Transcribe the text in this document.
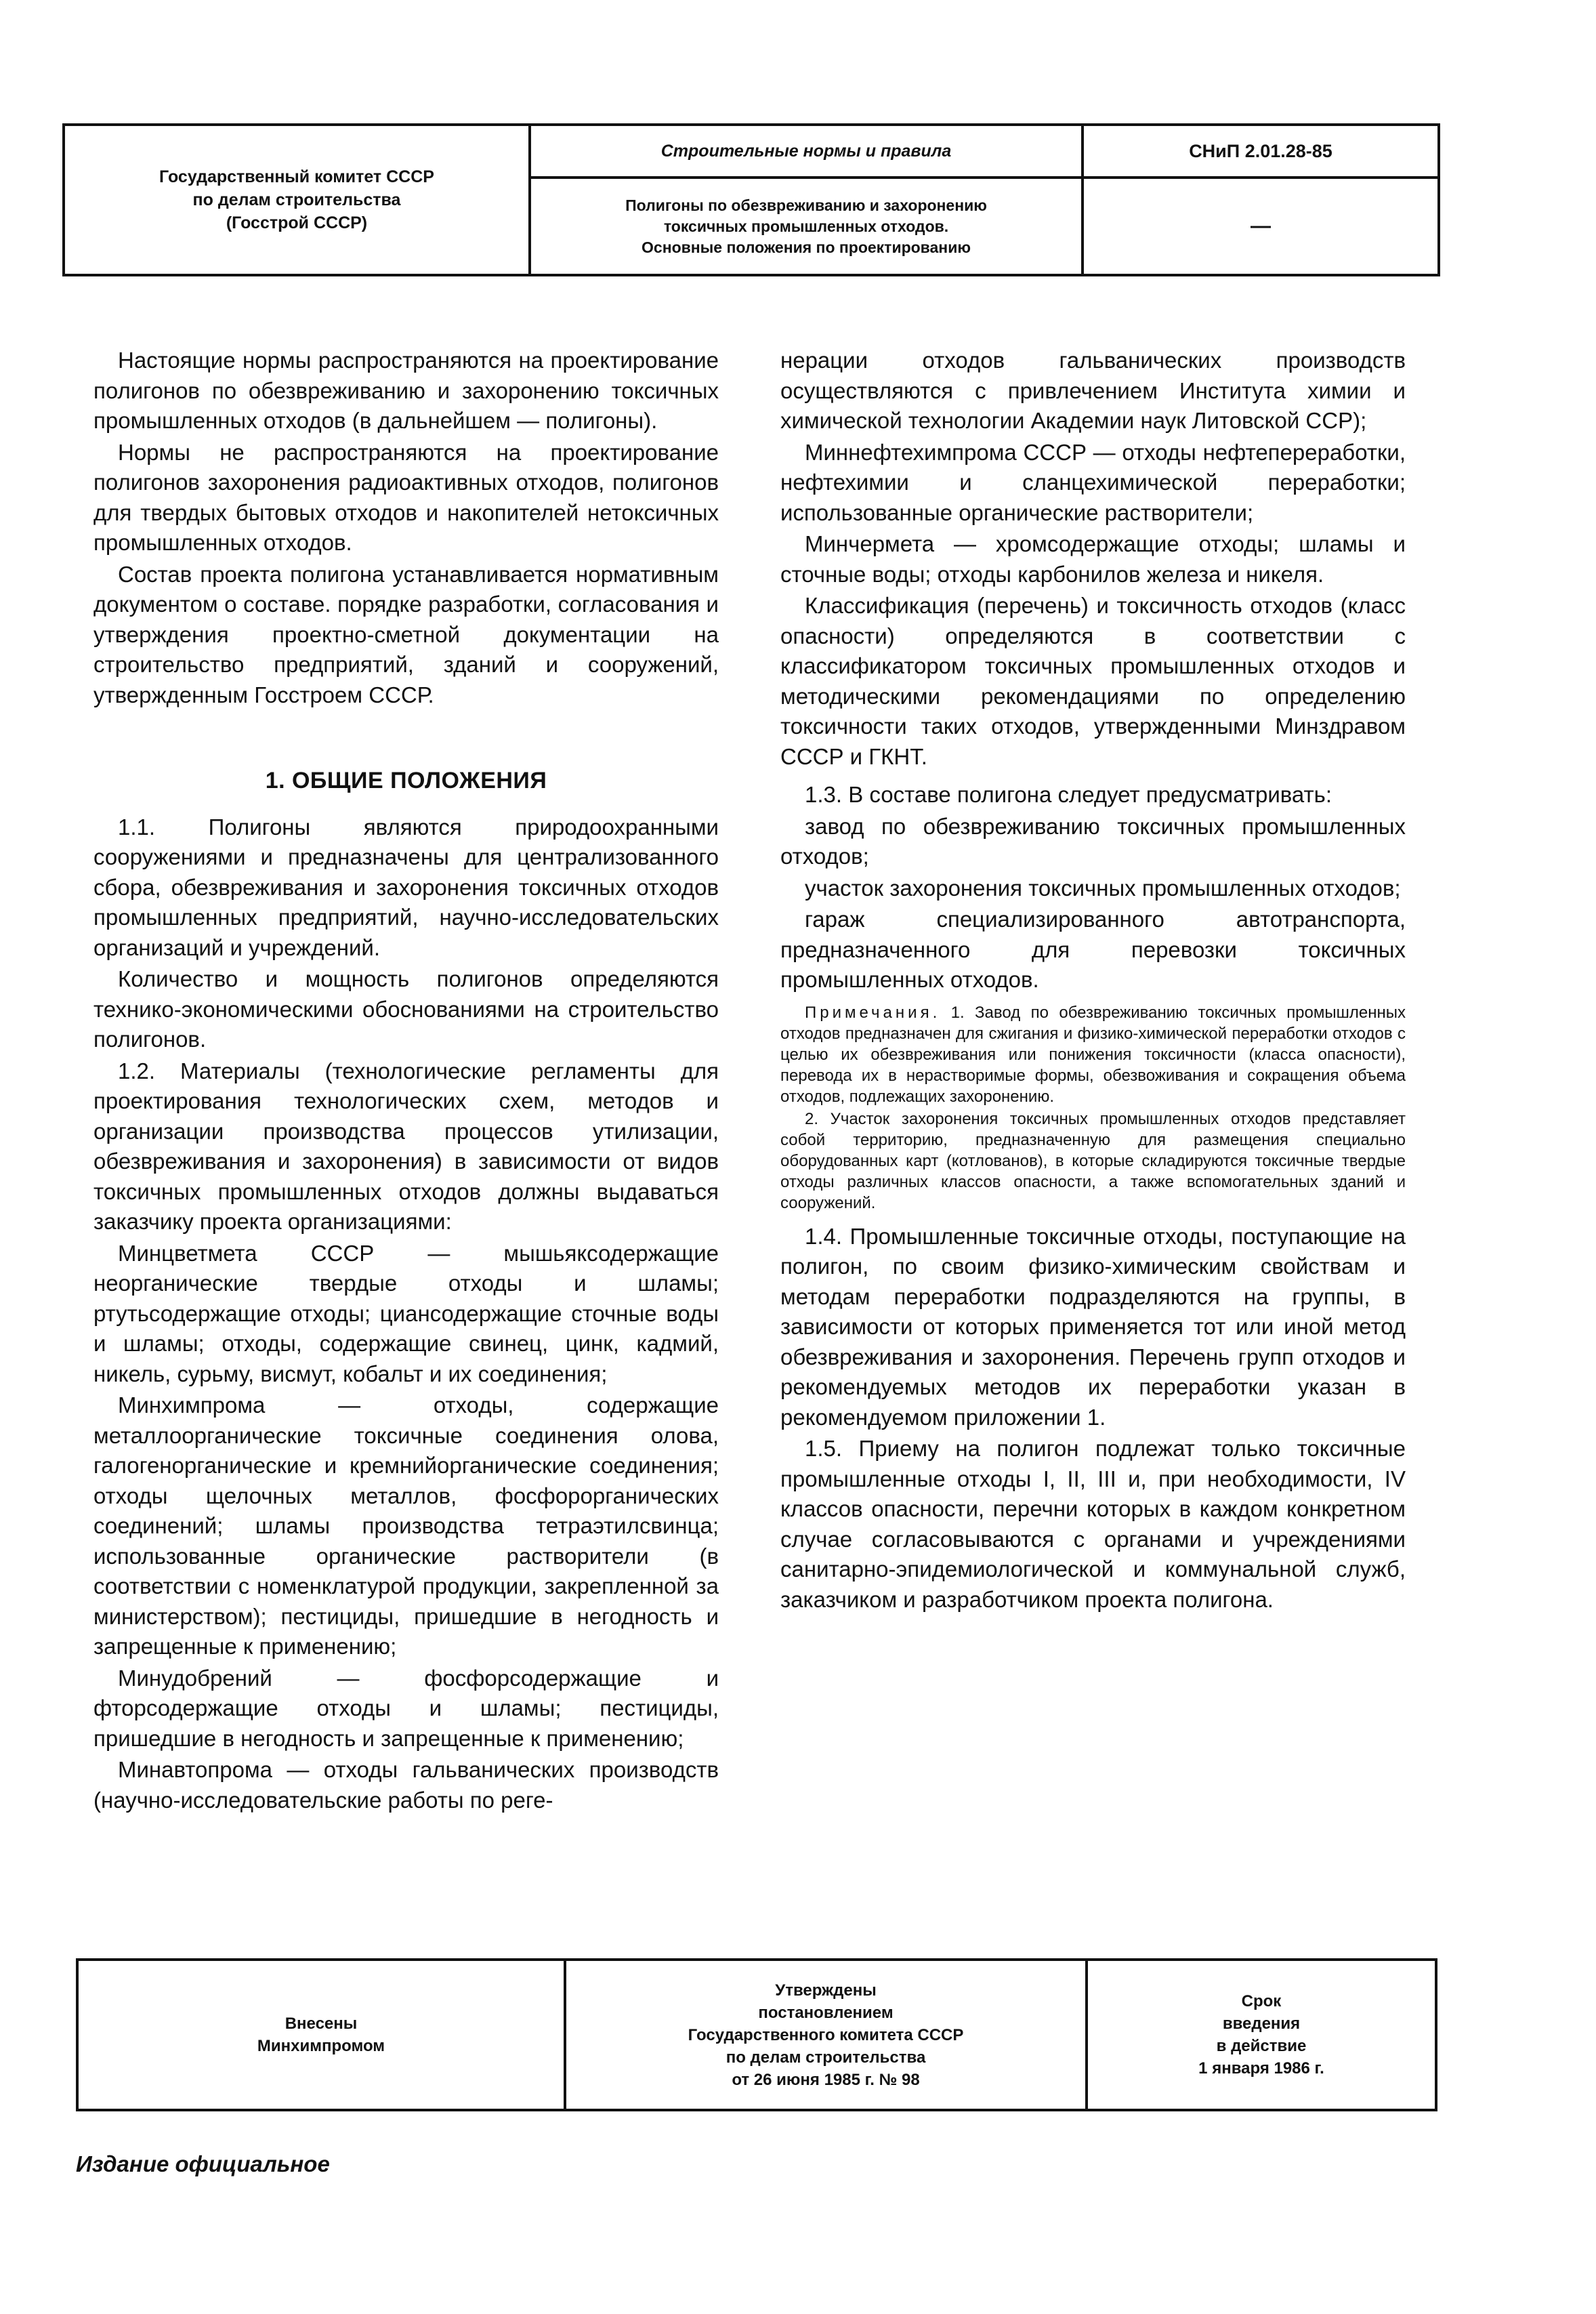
Государственный комитет СССР
по делам строительства
(Госстрой СССР)
Строительные нормы и правила	СНиП 2.01.28-85
Полигоны по обезвреживанию и захоронению
токсичных промышленных отходов.
Основные положения по проектированию
—

Настоящие нормы распространяются на проектирование полигонов по обезвреживанию и захоронению токсичных промышленных отходов (в дальнейшем — полигоны).

Нормы не распространяются на проектирование полигонов захоронения радиоактивных отходов, полигонов для твердых бытовых отходов и накопителей нетоксичных промышленных отходов.

Состав проекта полигона устанавливается нормативным документом о составе. порядке разработки, согласования и утверждения проектно-сметной документации на строительство предприятий, зданий и сооружений, утвержденным Госстроем СССР.

1. ОБЩИЕ ПОЛОЖЕНИЯ

1.1. Полигоны являются природоохранными сооружениями и предназначены для централизованного сбора, обезвреживания и захоронения токсичных отходов промышленных предприятий, научно-исследовательских организаций и учреждений.

Количество и мощность полигонов определяются технико-экономическими обоснованиями на строительство полигонов.

1.2. Материалы (технологические регламенты для проектирования технологических схем, методов и организации производства процессов утилизации, обезвреживания и захоронения) в зависимости от видов токсичных промышленных отходов должны выдаваться заказчику проекта организациями:

Минцветмета СССР — мышьяксодержащие неорганические твердые отходы и шламы; ртутьсодержащие отходы; циансодержащие сточные воды и шламы; отходы, содержащие свинец, цинк, кадмий, никель, сурьму, висмут, кобальт и их соединения;

Минхимпрома — отходы, содержащие металлоорганические токсичные соединения олова, галогенорганические и кремнийорганические соединения; отходы щелочных металлов, фосфорорганических соединений; шламы производства тетраэтилсвинца; использованные органические растворители (в соответствии с номенклатурой продукции, закрепленной за министерством); пестициды, пришедшие в негодность и запрещенные к применению;

Минудобрений — фосфорсодержащие и фторсодержащие отходы и шламы; пестициды, пришедшие в негодность и запрещенные к применению;

Минавтопрома — отходы гальванических производств (научно-исследовательские работы по реге-

нерации отходов гальванических производств осуществляются с привлечением Института химии и химической технологии Академии наук Литовской ССР);

Миннефтехимпрома СССР — отходы нефтепереработки, нефтехимии и сланцехимической переработки; использованные органические растворители;

Минчермета — хромсодержащие отходы; шламы и сточные воды; отходы карбонилов железа и никеля.

Классификация (перечень) и токсичность отходов (класс опасности) определяются в соответствии с классификатором токсичных промышленных отходов и методическими рекомендациями по определению токсичности таких отходов, утвержденными Минздравом СССР и ГКНТ.

1.3. В составе полигона следует предусматривать:

завод по обезвреживанию токсичных промышленных отходов;

участок захоронения токсичных промышленных отходов;

гараж специализированного автотранспорта, предназначенного для перевозки токсичных промышленных отходов.

Примечания. 1. Завод по обезвреживанию токсичных промышленных отходов предназначен для сжигания и физико-химической переработки отходов с целью их обезвреживания или понижения токсичности (класса опасности), перевода их в нерастворимые формы, обезвоживания и сокращения объема отходов, подлежащих захоронению.

2. Участок захоронения токсичных промышленных отходов представляет собой территорию, предназначенную для размещения специально оборудованных карт (котлованов), в которые складируются токсичные твердые отходы различных классов опасности, а также вспомогательных зданий и сооружений.

1.4. Промышленные токсичные отходы, поступающие на полигон, по своим физико-химическим свойствам и методам переработки подразделяются на группы, в зависимости от которых применяется тот или иной метод обезвреживания и захоронения. Перечень групп отходов и рекомендуемых методов их переработки указан в рекомендуемом приложении 1.

1.5. Приему на полигон подлежат только токсичные промышленные отходы I, II, III и, при необходимости, IV классов опасности, перечни которых в каждом конкретном случае согласовываются с органами и учреждениями санитарно-эпидемиологической и коммунальной служб, заказчиком и разработчиком проекта полигона.

Внесены
Минхимпромом
Утверждены
постановлением
Государственного комитета СССР
по делам строительства
от 26 июня 1985 г. № 98
Срок
введения
в действие
1 января 1986 г.
Издание официальное
